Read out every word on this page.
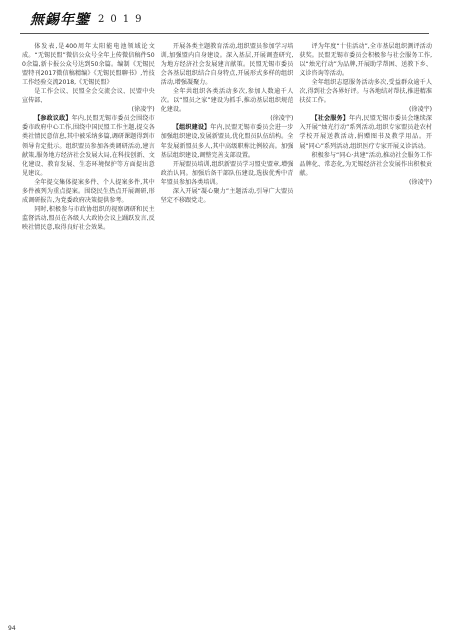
無錫年鑒 2019

体发表,是400周年太阳能电池领域论文成。“无锡民盟”微信公众号全年上传微信稿件500余篇,新卡报公众号达到50余篇。编制《无锡民盟特刊2017微信稿精编》《无锡民盟聊书》,竹技工作经验交流2018,《无锡民盟》

是工作会议、民盟全会交流会议、民盟中央宣传部、

(徐凌宇)

【参政议政】年内,民盟无锡市委员会围绕市委市政府中心工作,围绕中国民盟工作主题,提交各类社情民意信息,其中被采纳多篇,调研课题得到市领导肯定批示。组织盟员参加各类调研活动,建言献策,服务地方经济社会发展大局,在科技创新、文化建设、教育发展、生态环境保护等方面提出意见建议。

全年提交集体提案多件、个人提案多件,其中多件被列为重点提案。围绕民生热点开展调研,形成调研报告,为党委政府决策提供参考。

同时,积极参与市政协组织的视察调研和民主监督活动,盟员在各级人大政协会议上踊跃发言,反映社情民意,取得良好社会效果。

开展各类主题教育活动,组织盟员参加学习培训,加强盟内自身建设。深入基层,开展调查研究,为地方经济社会发展建言献策。民盟无锡市委员会各基层组织结合自身特点,开展形式多样的组织活动,增强凝聚力。

全年共组织各类活动多次,参加人数逾千人次。以“盟员之家”建设为抓手,推动基层组织规范化建设。

(徐凌宇)

【组织建设】年内,民盟无锡市委员会进一步加强组织建设,发展新盟员,优化盟员队伍结构。全年发展新盟员多人,其中高级职称比例较高。加强基层组织建设,调整完善支部设置。

开展盟员培训,组织新盟员学习盟史盟章,增强政治认同。加强后备干部队伍建设,选拔优秀中青年盟员参加各类培训。

深入开展“凝心聚力”主题活动,引导广大盟员坚定不移跟党走。

评为年度“十佳活动”,全市基层组织测评活动获奖。民盟无锡市委员会积极参与社会服务工作,以“烛光行动”为品牌,开展助学帮困、送教下乡、义诊咨询等活动。

全年组织志愿服务活动多次,受益群众逾千人次,得到社会各界好评。与各地结对帮扶,推进精准扶贫工作。

(徐凌宇)

【社会服务】年内,民盟无锡市委员会继续深入开展“烛光行动”系列活动,组织专家盟员赴农村学校开展送教活动,捐赠图书及教学用品。开展“同心”系列活动,组织医疗专家开展义诊活动。

积极参与“同心·共建”活动,推动社会服务工作品牌化、常态化,为无锡经济社会发展作出积极贡献。

(徐凌宇)

94
